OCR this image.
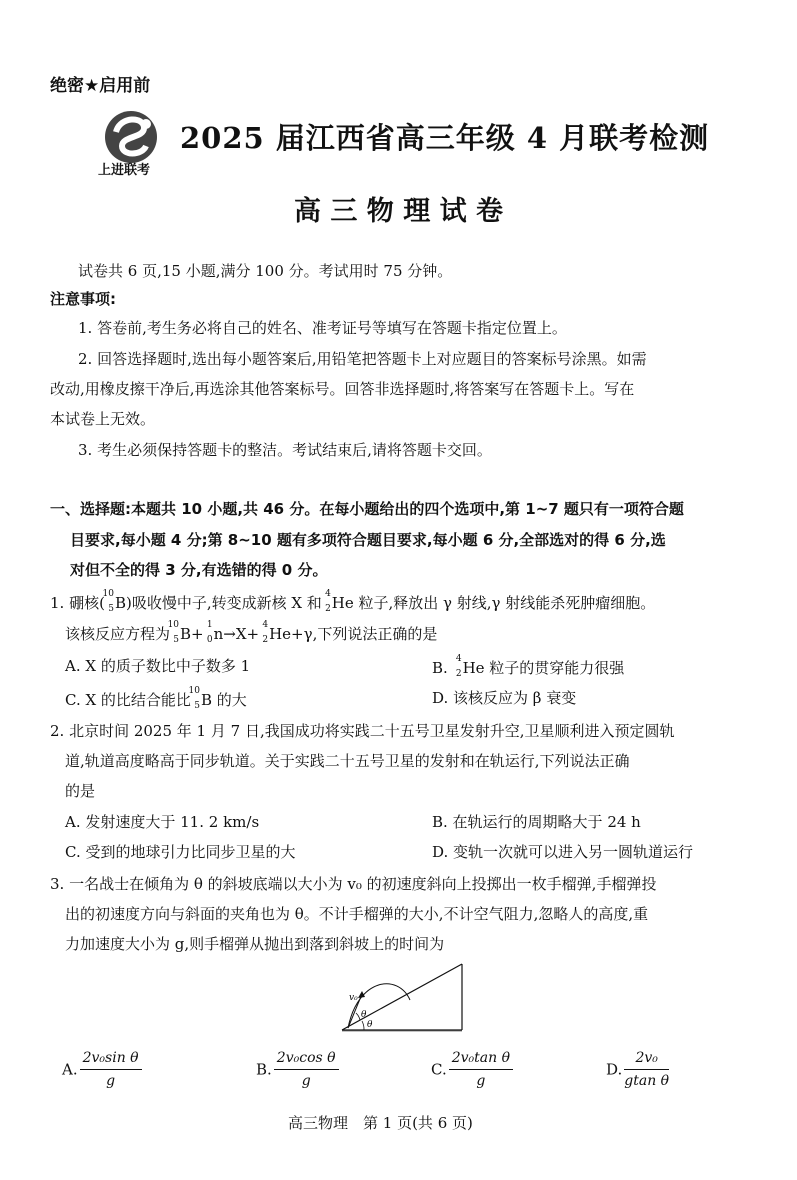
绝密★启用前
上进联考
2025 届江西省高三年级 4 月联考检测
高 三 物 理 试 卷
试卷共 6 页,15 小题,满分 100 分。考试用时 75 分钟。
注意事项:
1. 答卷前,考生务必将自己的姓名、准考证号等填写在答题卡指定位置上。
2. 回答选择题时,选出每小题答案后,用铅笔把答题卡上对应题目的答案标号涂黑。如需
改动,用橡皮擦干净后,再选涂其他答案标号。回答非选择题时,将答案写在答题卡上。写在
本试卷上无效。
3. 考生必须保持答题卡的整洁。考试结束后,请将答题卡交回。
一、选择题:本题共 10 小题,共 46 分。在每小题给出的四个选项中,第 1~7 题只有一项符合题
目要求,每小题 4 分;第 8~10 题有多项符合题目要求,每小题 6 分,全部选对的得 6 分,选
对但不全的得 3 分,有选错的得 0 分。
1. 硼核(
10
5 B)吸收慢中子,转变成新核 X 和 4
2 He 粒子,释放出 γ 射线,γ 射线能杀死肿瘤细胞。
该核反应方程为
10
5 B+ 1
0 n→X+ 4
2 He+γ,下列说法正确的是
A. X 的质子数比中子数多 1	B. 4
2 He 粒子的贯穿能力很强
C. X 的比结合能比
10
5 B 的大	D. 该核反应为 β 衰变
2. 北京时间 2025 年 1 月 7 日,我国成功将实践二十五号卫星发射升空,卫星顺利进入预定圆轨
道,轨道高度略高于同步轨道。关于实践二十五号卫星的发射和在轨运行,下列说法正确
的是
A. 发射速度大于 11. 2 km/s	B. 在轨运行的周期略大于 24 h
C. 受到的地球引力比同步卫星的大	D. 变轨一次就可以进入另一圆轨道运行
3. 一名战士在倾角为 θ 的斜坡底端以大小为 v₀ 的初速度斜向上投掷出一枚手榴弹,手榴弹投
出的初速度方向与斜面的夹角也为 θ。不计手榴弹的大小,不计空气阻力,忽略人的高度,重
力加速度大小为 g,则手榴弹从抛出到落到斜坡上的时间为
v₀
θ
θ
A. $\frac{\text{2v₀sin θ}}{g}$	B. $\frac{\text{2v₀cos θ}}{g}$	C. $\frac{\text{2v₀tan θ}}{g}$	D. $\frac{\text{2v₀}}{\text{gtan θ}}$
高三物理　第 1 页(共 6 页)
